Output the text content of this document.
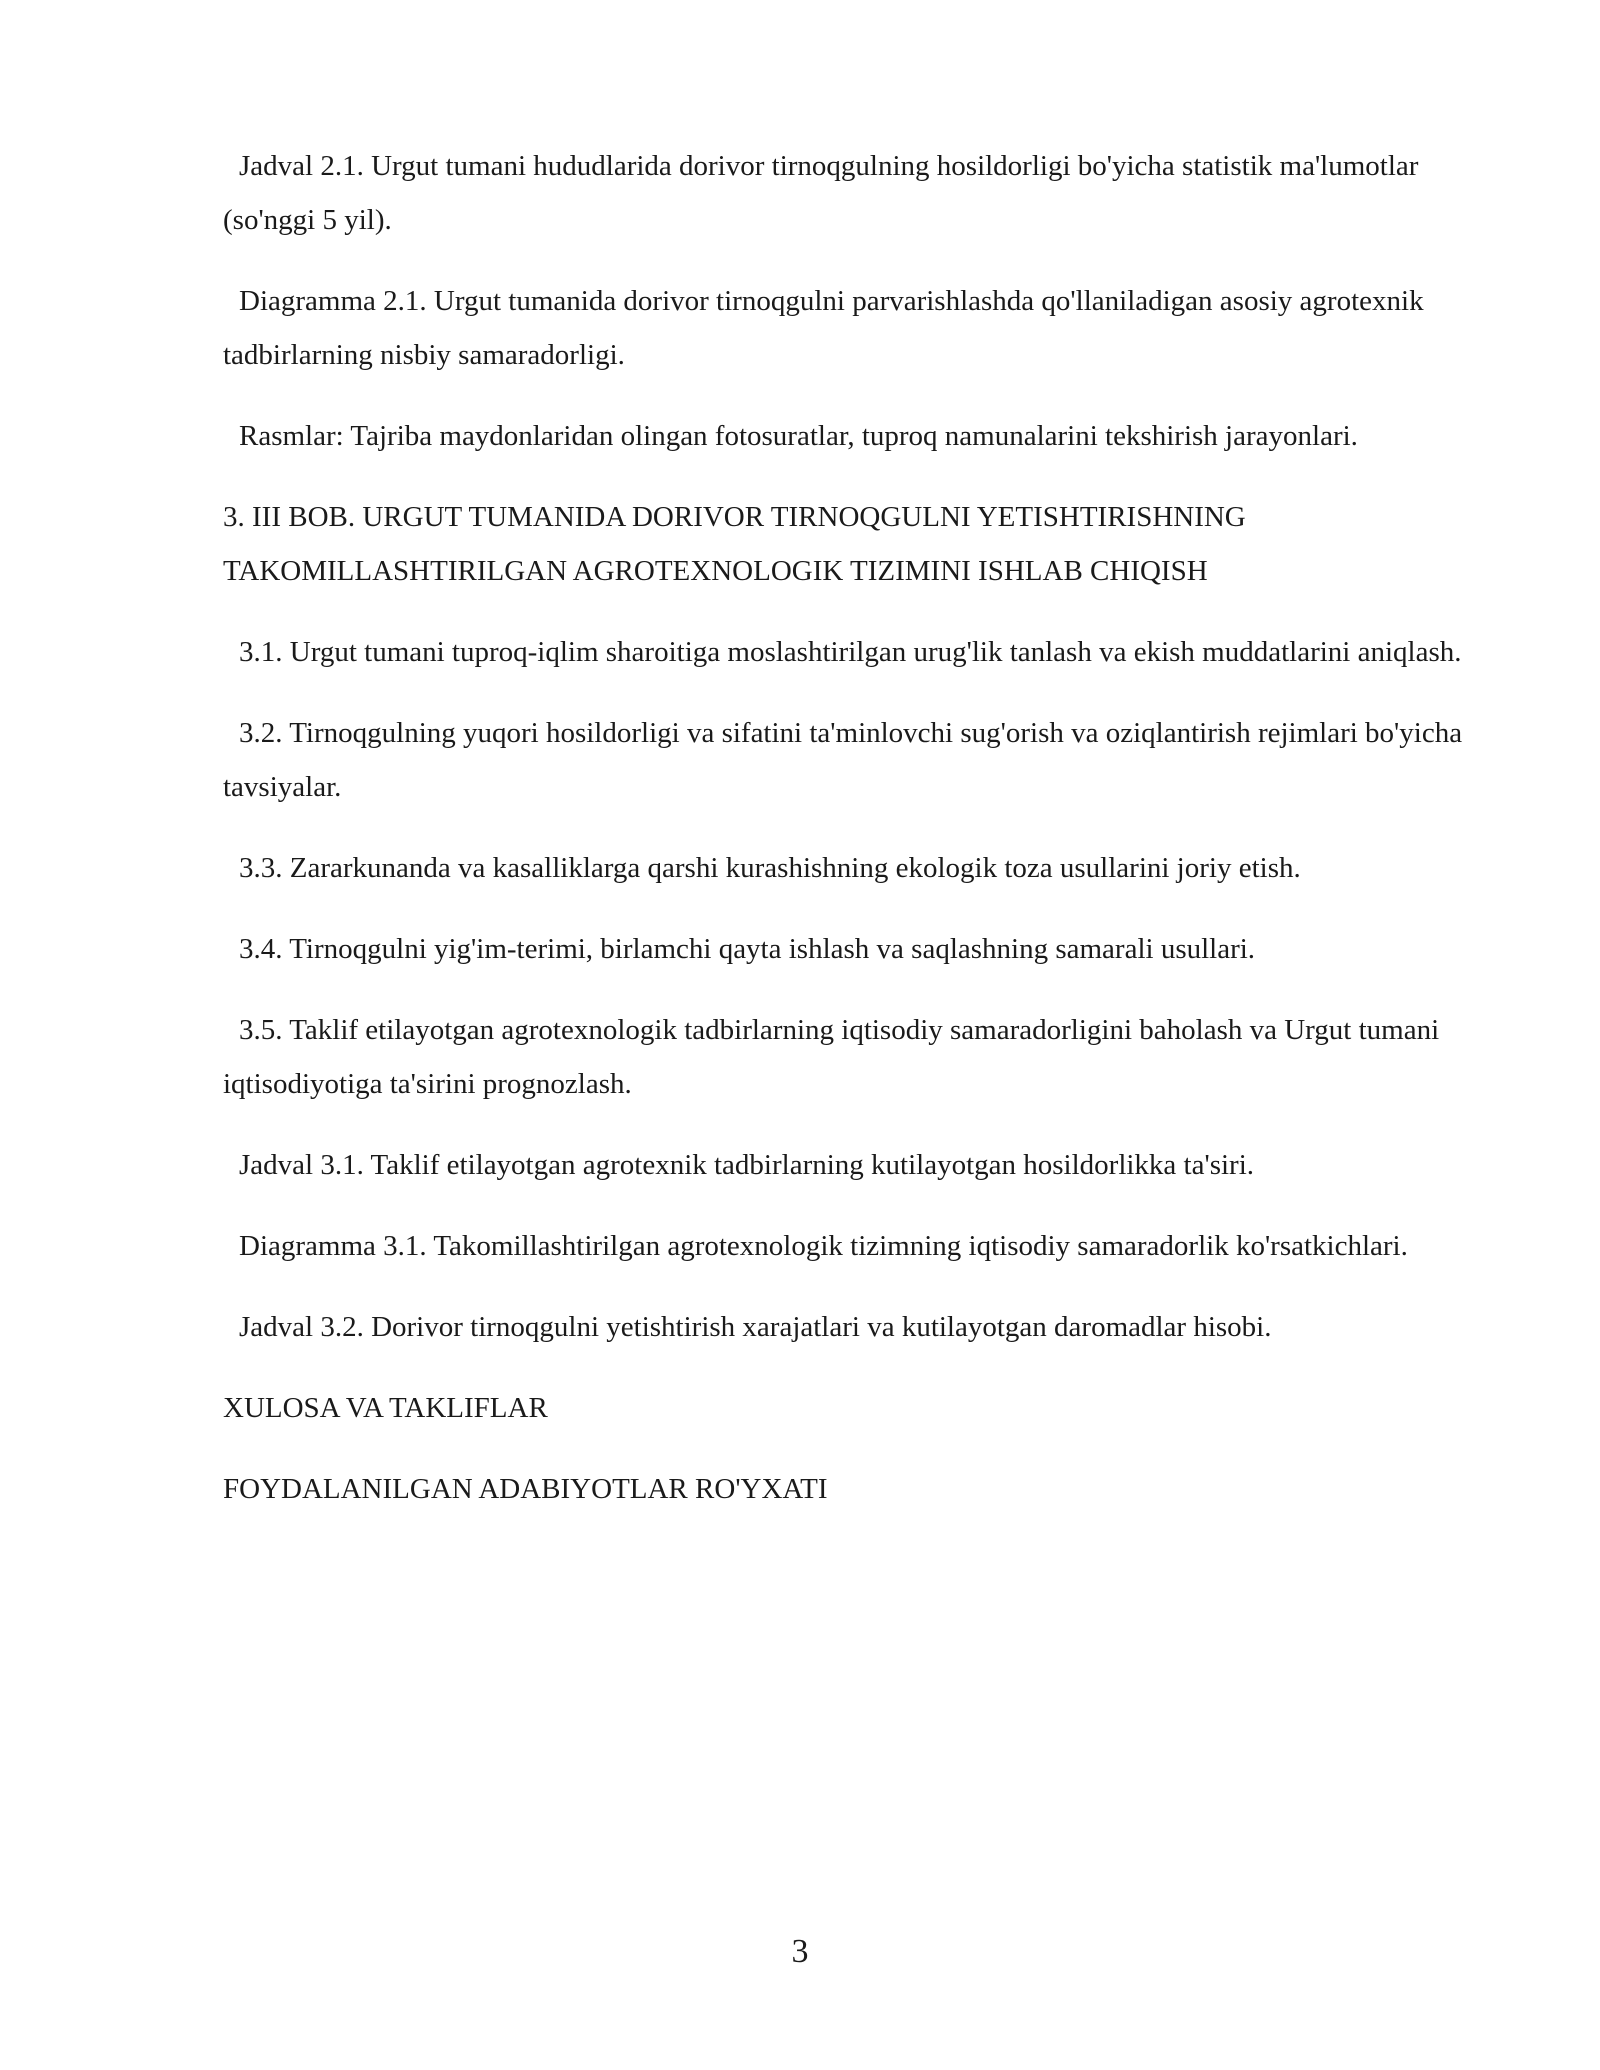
Jadval 2.1. Urgut tumani hududlarida dorivor tirnoqgulning hosildorligi bo'yicha statistik ma'lumotlar (so'nggi 5 yil).

Diagramma 2.1. Urgut tumanida dorivor tirnoqgulni parvarishlashda qo'llaniladigan asosiy agrotexnik tadbirlarning nisbiy samaradorligi.

Rasmlar: Tajriba maydonlaridan olingan fotosuratlar, tuproq namunalarini tekshirish jarayonlari.

3. III BOB. URGUT TUMANIDA DORIVOR TIRNOQGULNI YETISHTIRISHNING TAKOMILLASHTIRILGAN AGROTEXNOLOGIK TIZIMINI ISHLAB CHIQISH

3.1. Urgut tumani tuproq-iqlim sharoitiga moslashtirilgan urug'lik tanlash va ekish muddatlarini aniqlash.

3.2. Tirnoqgulning yuqori hosildorligi va sifatini ta'minlovchi sug'orish va oziqlantirish rejimlari bo'yicha tavsiyalar.

3.3. Zararkunanda va kasalliklarga qarshi kurashishning ekologik toza usullarini joriy etish.

3.4. Tirnoqgulni yig'im-terimi, birlamchi qayta ishlash va saqlashning samarali usullari.

3.5. Taklif etilayotgan agrotexnologik tadbirlarning iqtisodiy samaradorligini baholash va Urgut tumani iqtisodiyotiga ta'sirini prognozlash.

Jadval 3.1. Taklif etilayotgan agrotexnik tadbirlarning kutilayotgan hosildorlikka ta'siri.

Diagramma 3.1. Takomillashtirilgan agrotexnologik tizimning iqtisodiy samaradorlik ko'rsatkichlari.

Jadval 3.2. Dorivor tirnoqgulni yetishtirish xarajatlari va kutilayotgan daromadlar hisobi.

XULOSA VA TAKLIFLAR

FOYDALANILGAN ADABIYOTLAR RO'YXATI

3
